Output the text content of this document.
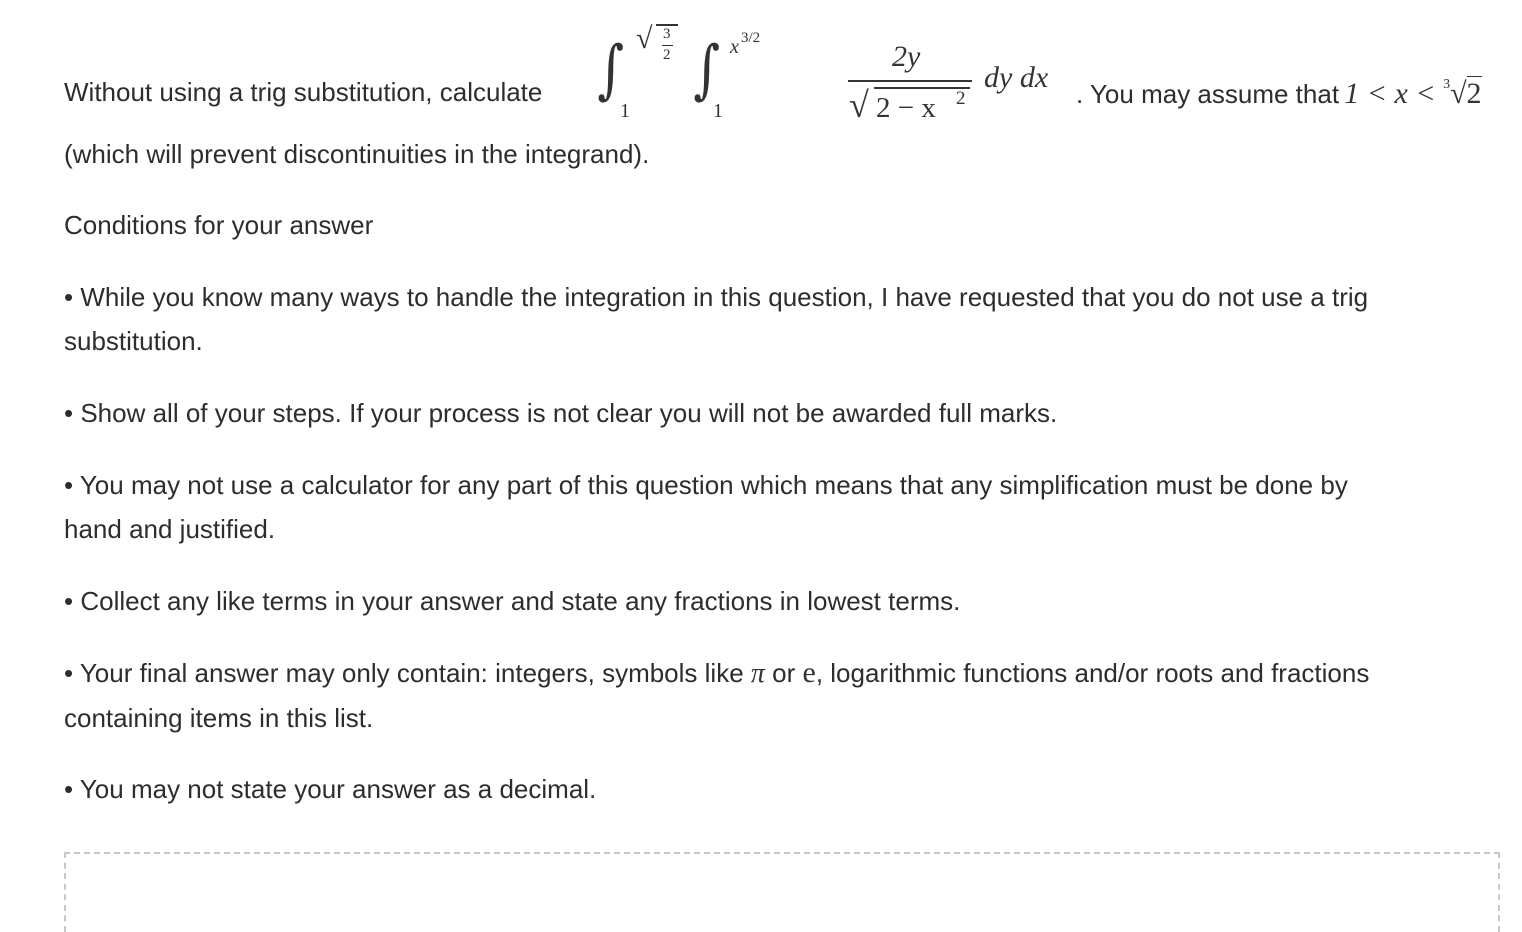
Without using a trig substitution, calculate ∫
1
√ 3
2 ∫
1
x 3/2
2y
√ 2 − x 2
dy dx . You may assume that  1 < x < $^3$√2
(which will prevent discontinuities in the integrand).
Conditions for your answer
• While you know many ways to handle the integration in this question, I have requested that you do not use a trig
substitution.
• Show all of your steps. If your process is not clear you will not be awarded full marks.
• You may not use a calculator for any part of this question which means that any simplification must be done by
hand and justified.
• Collect any like terms in your answer and state any fractions in lowest terms.
• Your final answer may only contain: integers, symbols like π or e, logarithmic functions and/or roots and fractions
containing items in this list.
• You may not state your answer as a decimal.
